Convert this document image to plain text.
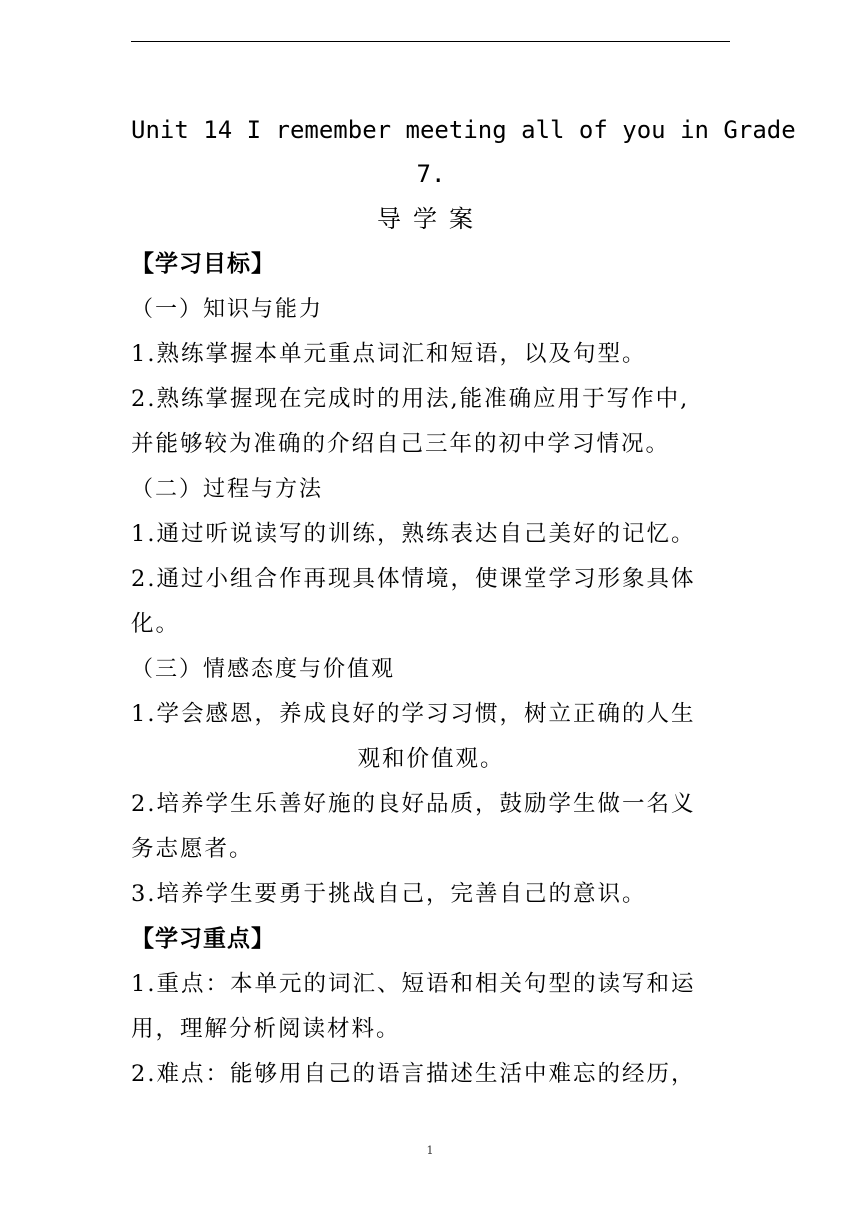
Unit 14 I remember meeting all of you in Grade
7.
导学案
【学习目标】
（一）知识与能力
1.熟练掌握本单元重点词汇和短语，以及句型。
2.熟练掌握现在完成时的用法,能准确应用于写作中,
并能够较为准确的介绍自己三年的初中学习情况。
（二）过程与方法
1.通过听说读写的训练，熟练表达自己美好的记忆。
2.通过小组合作再现具体情境，使课堂学习形象具体
化。
（三）情感态度与价值观
1.学会感恩，养成良好的学习习惯，树立正确的人生
观和价值观。
2.培养学生乐善好施的良好品质，鼓励学生做一名义
务志愿者。
3.培养学生要勇于挑战自己，完善自己的意识。
【学习重点】
1.重点：本单元的词汇、短语和相关句型的读写和运
用，理解分析阅读材料。
2.难点：能够用自己的语言描述生活中难忘的经历，
1
